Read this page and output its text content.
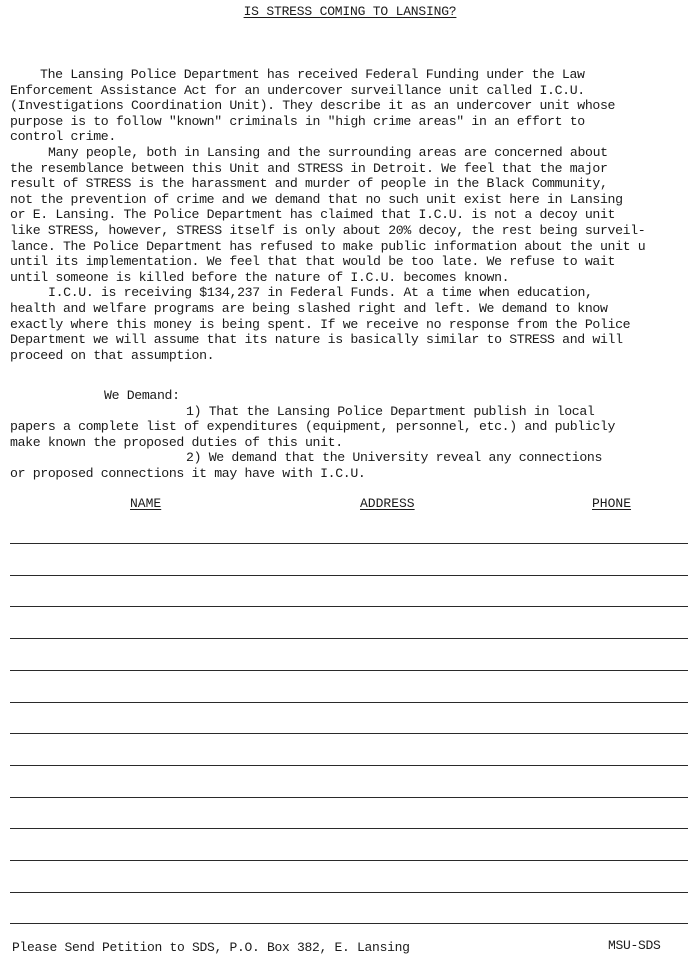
IS STRESS COMING TO LANSING?
The Lansing Police Department has received Federal Funding under the Law
Enforcement Assistance Act for an undercover surveillance unit called I.C.U.
(Investigations Coordination Unit). They describe it as an undercover unit whose
purpose is to follow "known" criminals in "high crime areas" in an effort to
control crime.
Many people, both in Lansing and the surrounding areas are concerned about
the resemblance between this Unit and STRESS in Detroit. We feel that the major
result of STRESS is the harassment and murder of people in the Black Community,
not the prevention of crime and we demand that no such unit exist here in Lansing
or E. Lansing. The Police Department has claimed that I.C.U. is not a decoy unit
like STRESS, however, STRESS itself is only about 20% decoy, the rest being surveil-
lance. The Police Department has refused to make public information about the unit u
until its implementation. We feel that that would be too late. We refuse to wait
until someone is killed before the nature of I.C.U. becomes known.
I.C.U. is receiving $134,237 in Federal Funds. At a time when education,
health and welfare programs are being slashed right and left. We demand to know
exactly where this money is being spent. If we receive no response from the Police
Department we will assume that its nature is basically similar to STRESS and will
proceed on that assumption.
We Demand:
1) That the Lansing Police Department publish in local
papers a complete list of expenditures (equipment, personnel, etc.) and publicly
make known the proposed duties of this unit.
2) We demand that the University reveal any connections
or proposed connections it may have with I.C.U.
NAME	ADDRESS	PHONE
Please Send Petition to SDS, P.O. Box 382, E. Lansing	MSU-SDS
